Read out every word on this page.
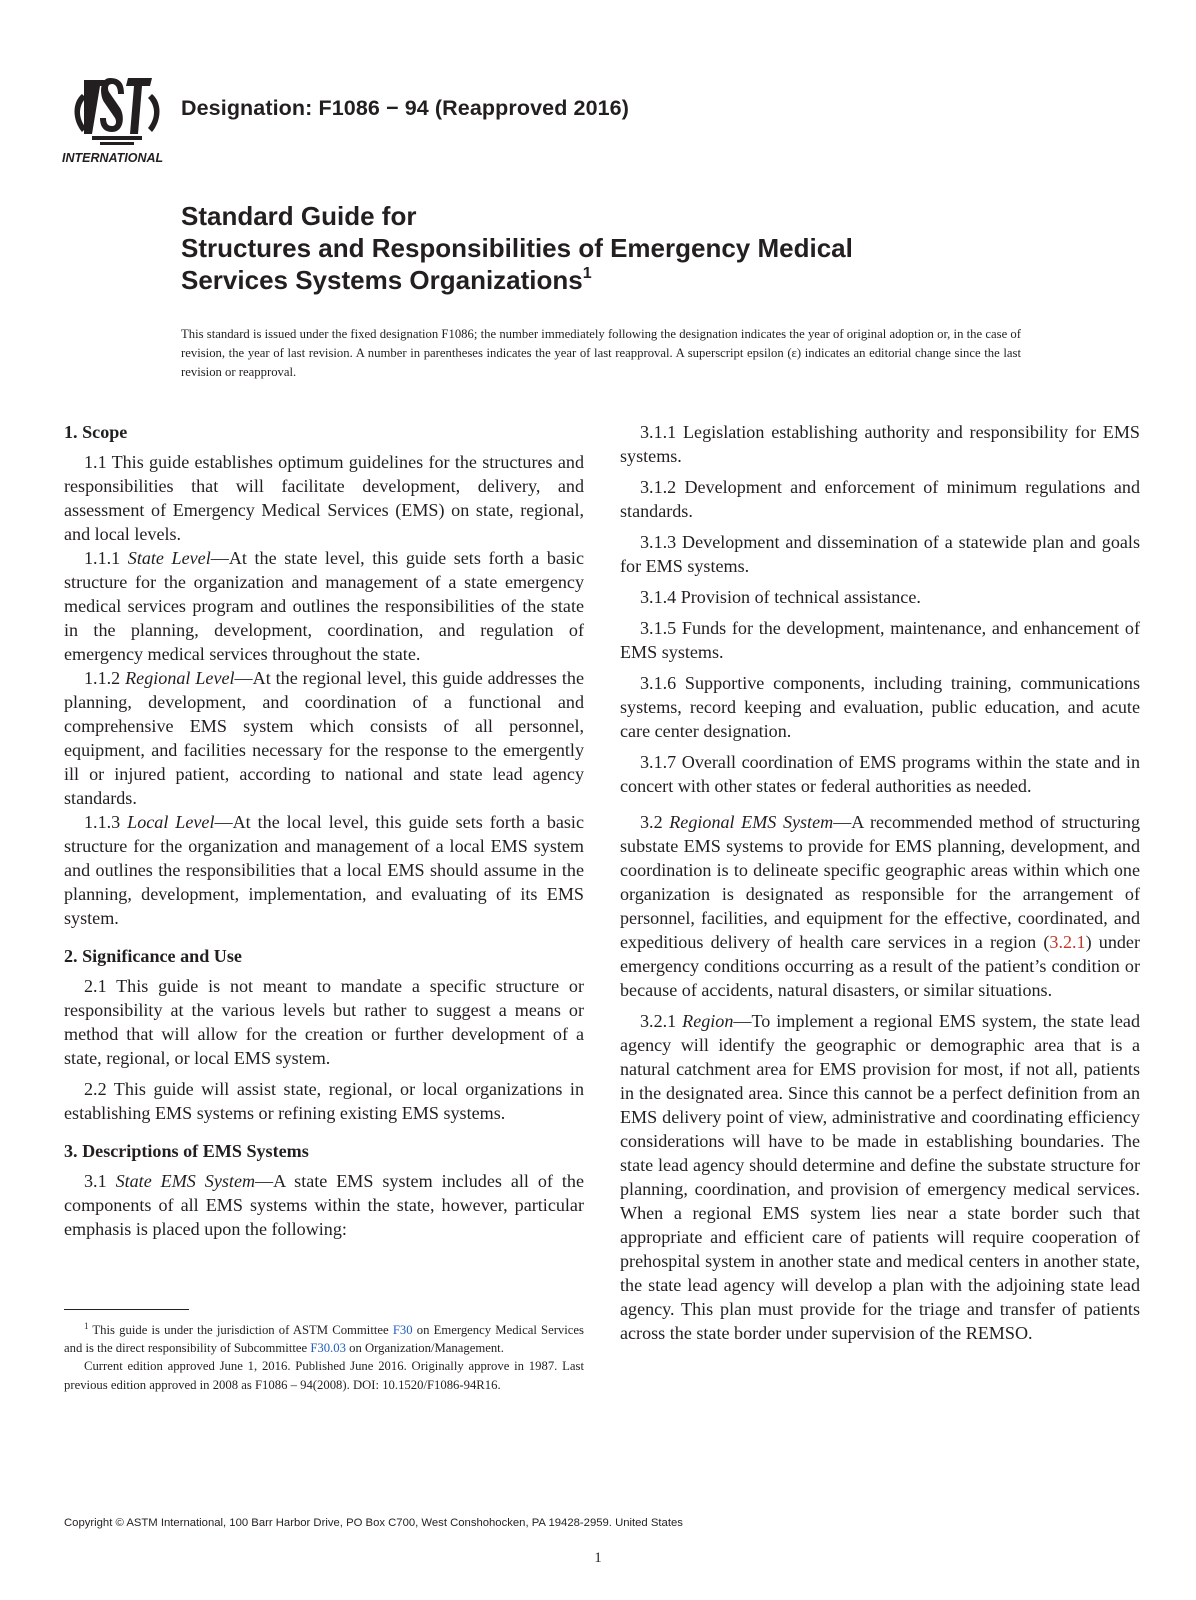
INTERNATIONAL
Designation: F1086 − 94 (Reapproved 2016)
Standard Guide for
Structures and Responsibilities of Emergency Medical
Services Systems Organizations$^1$
This standard is issued under the fixed designation F1086; the number immediately following the designation indicates the year of original adoption or, in the case of revision, the year of last revision. A number in parentheses indicates the year of last reapproval. A superscript epsilon (ε) indicates an editorial change since the last revision or reapproval.
1. Scope

1.1 This guide establishes optimum guidelines for the structures and responsibilities that will facilitate development, delivery, and assessment of Emergency Medical Services (EMS) on state, regional, and local levels.

1.1.1 State Level—At the state level, this guide sets forth a basic structure for the organization and management of a state emergency medical services program and outlines the responsibilities of the state in the planning, development, coordination, and regulation of emergency medical services throughout the state.

1.1.2 Regional Level—At the regional level, this guide addresses the planning, development, and coordination of a functional and comprehensive EMS system which consists of all personnel, equipment, and facilities necessary for the response to the emergently ill or injured patient, according to national and state lead agency standards.

1.1.3 Local Level—At the local level, this guide sets forth a basic structure for the organization and management of a local EMS system and outlines the responsibilities that a local EMS should assume in the planning, development, implementation, and evaluating of its EMS system.

2. Significance and Use

2.1 This guide is not meant to mandate a specific structure or responsibility at the various levels but rather to suggest a means or method that will allow for the creation or further development of a state, regional, or local EMS system.

2.2 This guide will assist state, regional, or local organizations in establishing EMS systems or refining existing EMS systems.

3. Descriptions of EMS Systems

3.1 State EMS System—A state EMS system includes all of the components of all EMS systems within the state, however, particular emphasis is placed upon the following:

3.1.1 Legislation establishing authority and responsibility for EMS systems.

3.1.2 Development and enforcement of minimum regulations and standards.

3.1.3 Development and dissemination of a statewide plan and goals for EMS systems.

3.1.4 Provision of technical assistance.

3.1.5 Funds for the development, maintenance, and enhancement of EMS systems.

3.1.6 Supportive components, including training, communications systems, record keeping and evaluation, public education, and acute care center designation.

3.1.7 Overall coordination of EMS programs within the state and in concert with other states or federal authorities as needed.

3.2 Regional EMS System—A recommended method of structuring substate EMS systems to provide for EMS planning, development, and coordination is to delineate specific geographic areas within which one organization is designated as responsible for the arrangement of personnel, facilities, and equipment for the effective, coordinated, and expeditious delivery of health care services in a region (3.2.1) under emergency conditions occurring as a result of the patient’s condition or because of accidents, natural disasters, or similar situations.

3.2.1 Region—To implement a regional EMS system, the state lead agency will identify the geographic or demographic area that is a natural catchment area for EMS provision for most, if not all, patients in the designated area. Since this cannot be a perfect definition from an EMS delivery point of view, administrative and coordinating efficiency considerations will have to be made in establishing boundaries. The state lead agency should determine and define the substate structure for planning, coordination, and provision of emergency medical services. When a regional EMS system lies near a state border such that appropriate and efficient care of patients will require cooperation of prehospital system in another state and medical centers in another state, the state lead agency will develop a plan with the adjoining state lead agency. This plan must provide for the triage and transfer of patients across the state border under supervision of the REMSO.

$^1$ This guide is under the jurisdiction of ASTM Committee F30 on Emergency Medical Services and is the direct responsibility of Subcommittee F30.03 on Organization/Management.

Current edition approved June 1, 2016. Published June 2016. Originally approve in 1987. Last previous edition approved in 2008 as F1086 – 94(2008). DOI: 10.1520/F1086-94R16.

Copyright © ASTM International, 100 Barr Harbor Drive, PO Box C700, West Conshohocken, PA 19428-2959. United States
1
